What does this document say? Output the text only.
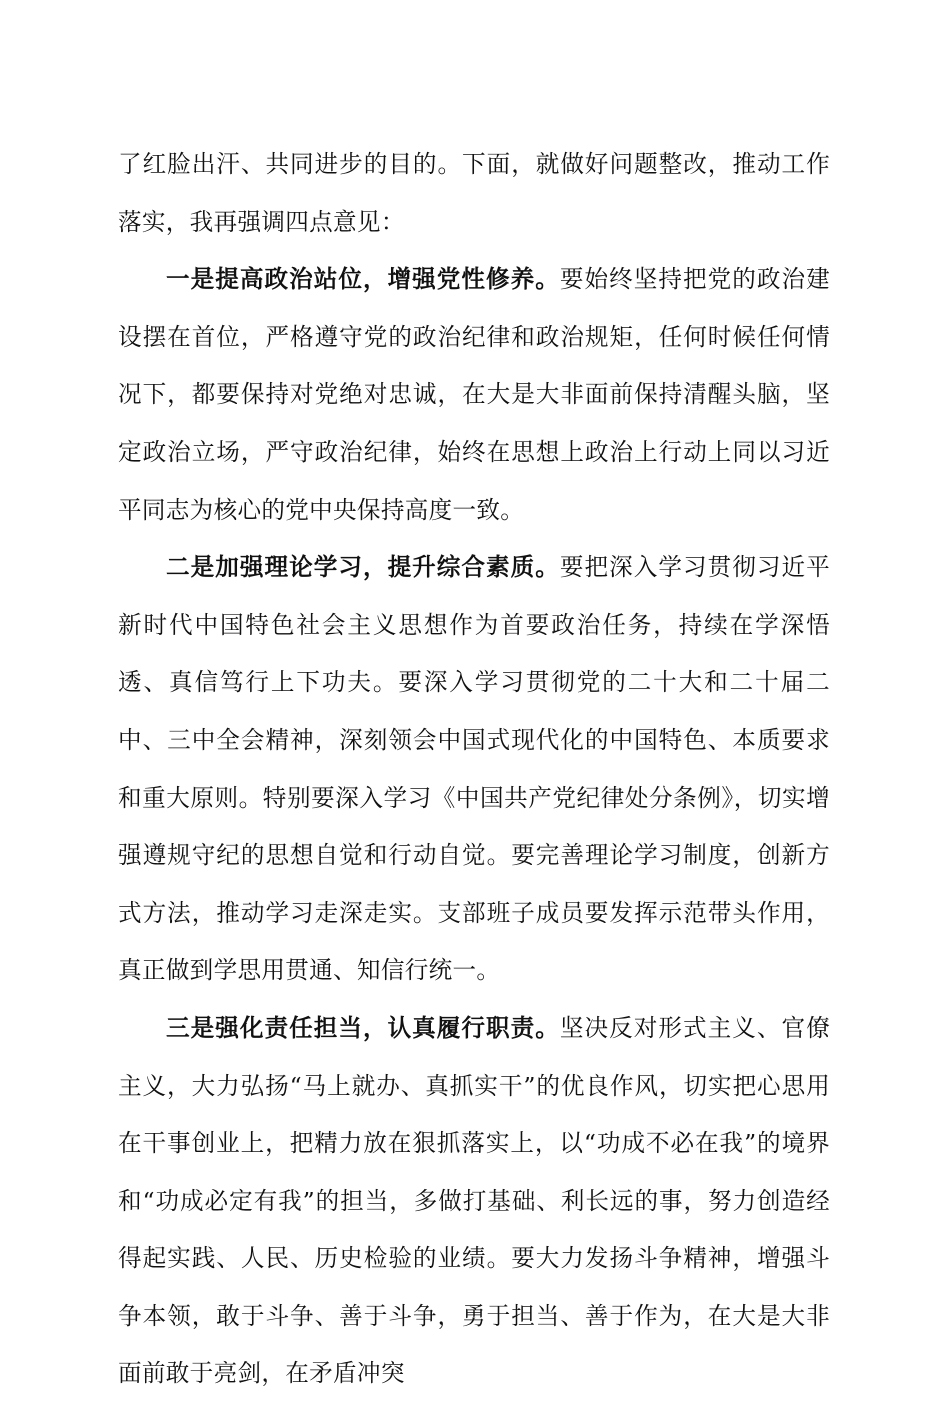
了红脸出汗、共同进步的目的。下面，就做好问题整改，推动工作落实，我再强调四点意见：

一是提高政治站位，增强党性修养。要始终坚持把党的政治建设摆在首位，严格遵守党的政治纪律和政治规矩，任何时候任何情况下，都要保持对党绝对忠诚，在大是大非面前保持清醒头脑，坚定政治立场，严守政治纪律，始终在思想上政治上行动上同以习近平同志为核心的党中央保持高度一致。

二是加强理论学习，提升综合素质。要把深入学习贯彻习近平新时代中国特色社会主义思想作为首要政治任务，持续在学深悟透、真信笃行上下功夫。要深入学习贯彻党的二十大和二十届二中、三中全会精神，深刻领会中国式现代化的中国特色、本质要求和重大原则。特别要深入学习《中国共产党纪律处分条例》，切实增强遵规守纪的思想自觉和行动自觉。要完善理论学习制度，创新方式方法，推动学习走深走实。支部班子成员要发挥示范带头作用，真正做到学思用贯通、知信行统一。

三是强化责任担当，认真履行职责。坚决反对形式主义、官僚主义，大力弘扬“马上就办、真抓实干”的优良作风，切实把心思用在干事创业上，把精力放在狠抓落实上，以“功成不必在我”的境界和“功成必定有我”的担当，多做打基础、利长远的事，努力创造经得起实践、人民、历史检验的业绩。要大力发扬斗争精神，增强斗争本领，敢于斗争、善于斗争，勇于担当、善于作为，在大是大非面前敢于亮剑，在矛盾冲突
